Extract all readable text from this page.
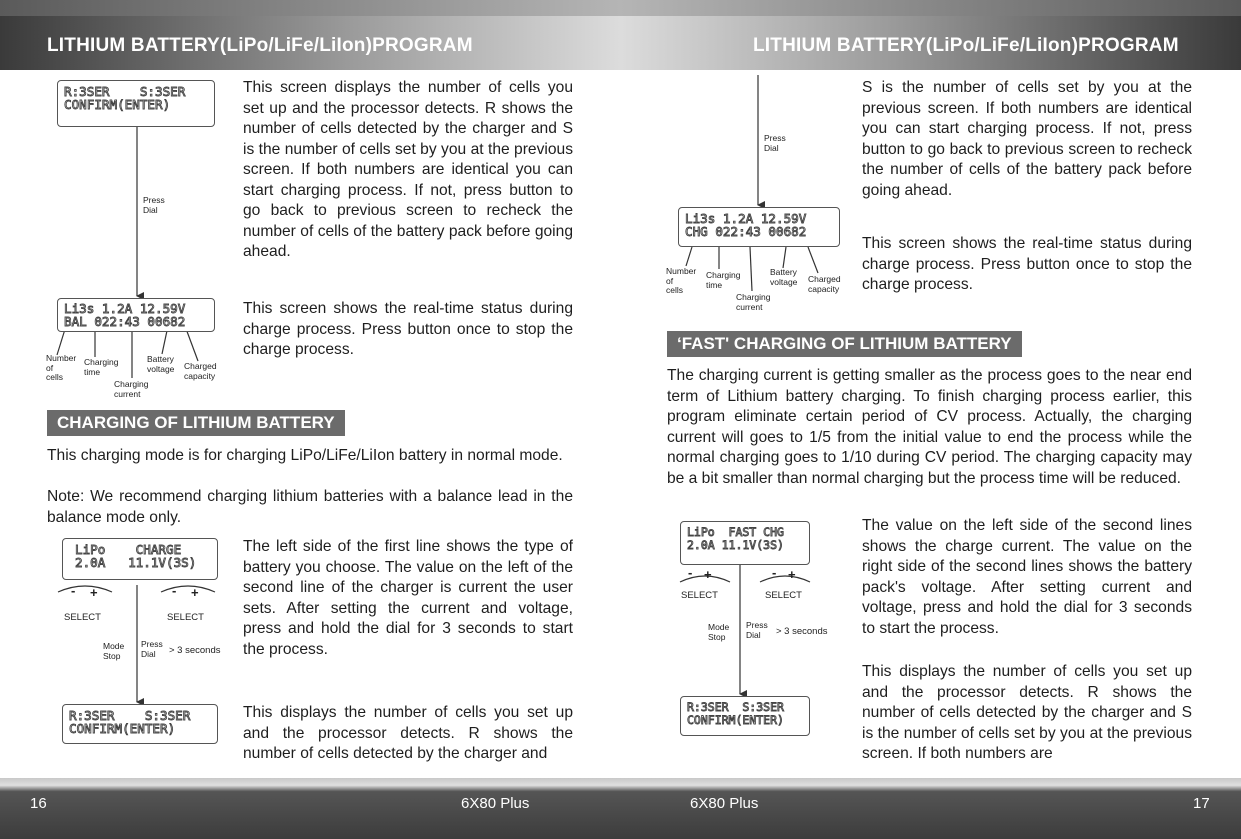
LITHIUM BATTERY(LiPo/LiFe/LiIon)PROGRAM	LITHIUM BATTERY(LiPo/LiFe/LiIon)PROGRAM
R:3SER    S:3SER
CONFIRM(ENTER)
Press
Dial

This screen displays the number of cells you set up and the processor detects. R shows the number of cells detected by the charger and S is the number of cells set by you at the previous screen. If both numbers are identical you can start charging process. If not, press button to go back to previous screen to recheck the number of cells of the battery pack before going ahead.

Li3s 1.2A 12.59V
BAL 022:43 00682
Number
of
cells
Charging
time
Charging
current
Battery
voltage Charged
capacity

This screen shows the real-time status during charge process. Press button once to stop the charge process.

CHARGING OF LITHIUM BATTERY

This charging mode is for charging LiPo/LiFe/LiIon battery in normal mode.

Note: We recommend charging lithium batteries with a balance lead in the balance mode only.

LiPo    CHARGE
2.0A   11.1V(3S)
- +	- +
SELECT	SELECT
Mode
Stop
Press
Dial	> 3 seconds

The left side of the first line shows the type of battery you choose. The value on the left of the second line of the charger is current the user sets. After setting the current and voltage, press and hold the dial for 3 seconds to start the process.

R:3SER    S:3SER
CONFIRM(ENTER)

This displays the number of cells you set up and the processor detects. R shows the number of cells detected by the charger and

Press
Dial
Li3s 1.2A 12.59V
CHG 022:43 00682
Number
of
cells
Charging
time
Charging
current
Battery
voltage Charged
capacity

S is the number of cells set by you at the previous screen. If both numbers are identical you can start charging process. If not, press button to go back to previous screen to recheck the number of cells of the battery pack before going ahead.

This screen shows the real-time status during charge process. Press button once to stop the charge process.

‘FAST' CHARGING OF LITHIUM BATTERY

The charging current is getting smaller as the process goes to the near end term of Lithium battery charging. To finish charging process earlier, this program eliminate certain period of CV process. Actually, the charging current will goes to 1/5 from the initial value to end the process while the normal charging goes to 1/10 during CV period. The charging capacity may be a bit smaller than normal charging but the process time will be reduced.

LiPo  FAST CHG
2.0A 11.1V(3S)
- +	- +
SELECT	SELECT
Mode
Stop
Press
Dial	> 3 seconds
R:3SER  S:3SER
CONFIRM(ENTER)

The value on the left side of the second lines shows the charge current. The value on the right side of the second lines shows the battery pack's voltage. After setting current and voltage, press and hold the dial for 3 seconds to start the process.

This displays the number of cells you set up and the processor detects. R shows the number of cells detected by the charger and S is the number of cells set by you at the previous screen. If both numbers are

16	6X80 Plus	6X80 Plus	17
